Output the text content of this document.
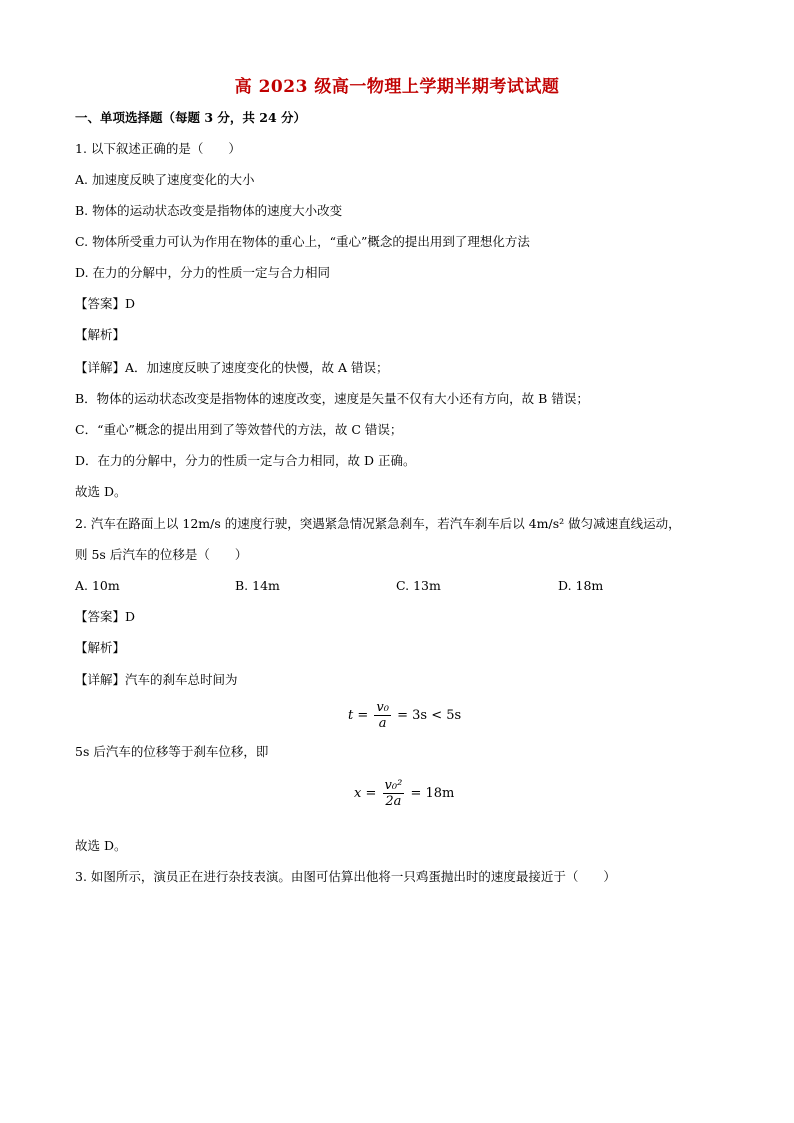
高 2023 级高一物理上学期半期考试试题
一、单项选择题（每题 3 分，共 24 分）
1. 以下叙述正确的是（　　）
A. 加速度反映了速度变化的大小
B. 物体的运动状态改变是指物体的速度大小改变
C. 物体所受重力可认为作用在物体的重心上，“重心”概念的提出用到了理想化方法
D. 在力的分解中，分力的性质一定与合力相同
【答案】D
【解析】
【详解】A．加速度反映了速度变化的快慢，故 A 错误；
B．物体的运动状态改变是指物体的速度改变，速度是矢量不仅有大小还有方向，故 B 错误；
C．“重心”概念的提出用到了等效替代的方法，故 C 错误；
D．在力的分解中，分力的性质一定与合力相同，故 D 正确。
故选 D。
2. 汽车在路面上以 12m/s 的速度行驶，突遇紧急情况紧急刹车，若汽车刹车后以 4m/s² 做匀减速直线运动，
则 5s 后汽车的位移是（　　）
A. 10m	B. 14m	C. 13m	D. 18m
【答案】D
【解析】
【详解】汽车的刹车总时间为
$t = \frac{\text{v₀}}{a} = 3s < 5s$
5s 后汽车的位移等于刹车位移，即
$x = \frac{\text{v₀²}}{2a} = 18m$
故选 D。
3. 如图所示，演员正在进行杂技表演。由图可估算出他将一只鸡蛋抛出时的速度最接近于（　　）
